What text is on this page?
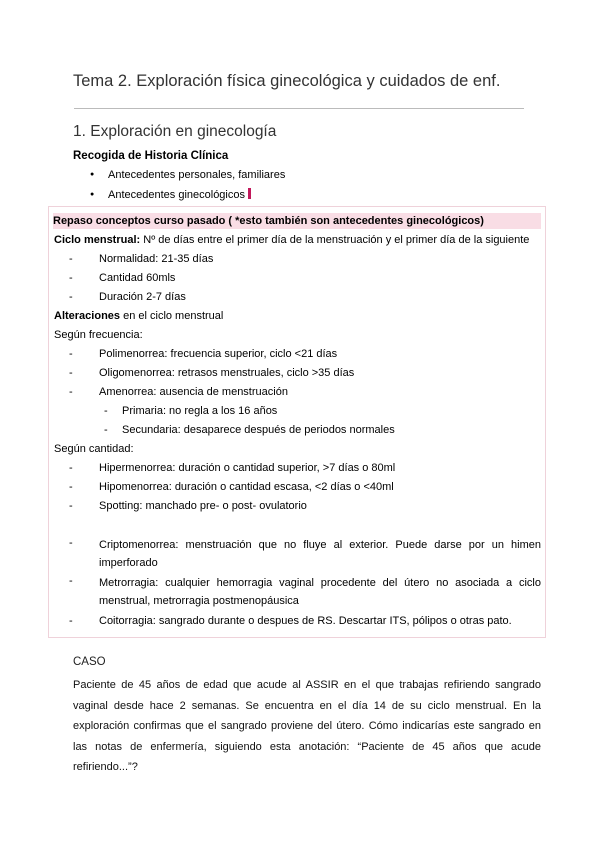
Tema 2. Exploración física ginecológica y cuidados de enf.
1. Exploración en ginecología
Recogida de Historia Clínica
● Antecedentes personales, familiares
● Antecedentes ginecológicos
Repaso conceptos curso pasado ( *esto también son antecedentes ginecológicos)
Ciclo menstrual: Nº de días entre el primer día de la menstruación y el primer día de la siguiente
- Normalidad: 21-35 días
- Cantidad 60mls
- Duración 2-7 días
Alteraciones en el ciclo menstrual
Según frecuencia:
- Polimenorrea: frecuencia superior, ciclo <21 días
- Oligomenorrea: retrasos menstruales, ciclo >35 días
- Amenorrea: ausencia de menstruación
- Primaria: no regla a los 16 años
- Secundaria: desaparece después de periodos normales
Según cantidad:
- Hipermenorrea: duración o cantidad superior, >7 días o 80ml
- Hipomenorrea: duración o cantidad escasa, <2 días o <40ml
- Spotting: manchado pre- o post- ovulatorio
- Criptomenorrea: menstruación que no fluye al exterior. Puede darse por un himen imperforado
- Metrorragia: cualquier hemorragia vaginal procedente del útero no asociada a ciclo menstrual, metrorragia postmenopáusica
- Coitorragia: sangrado durante o despues de RS. Descartar ITS, pólipos o otras pato.
CASO

Paciente de 45 años de edad que acude al ASSIR en el que trabajas refiriendo sangrado vaginal desde hace 2 semanas. Se encuentra en el día 14 de su ciclo menstrual. En la exploración confirmas que el sangrado proviene del útero. Cómo indicarías este sangrado en las notas de enfermería, siguiendo esta anotación: “Paciente de 45 años que acude refiriendo...”?
